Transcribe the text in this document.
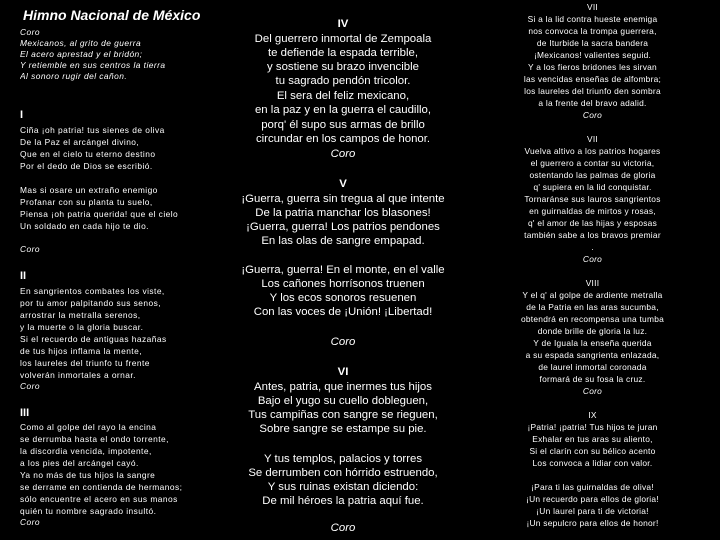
Himno Nacional de México
Coro
Mexicanos, al grito de guerra
El acero aprestad y el bridón;
Y retiemble en sus centros la tierra
Al sonoro rugir del cañon.
I
Ciña ¡oh patria! tus sienes de oliva
De la Paz el arcángel divino,
Que en el cielo tu eterno destino
Por el dedo de Dios se escribió.
Mas si osare un extraño enemigo
Profanar con su planta tu suelo,
Piensa ¡oh patria querida! que el cielo
Un soldado en cada hijo te dio.
Coro
II
En sangrientos combates los viste,
por tu amor palpitando sus senos,
arrostrar la metralla serenos,
y la muerte o la gloria buscar.
Si el recuerdo de antiguas hazañas
de tus hijos inflama la mente,
los laureles del triunfo tu frente
volverán inmortales a ornar.
Coro
III
Como al golpe del rayo la encina
se derrumba hasta el ondo torrente,
la discordia vencida, impotente,
a los pies del arcángel cayó.
Ya no más de tus hijos la sangre
se derrame en contienda de hermanos;
sólo encuentre el acero en sus manos
quién tu nombre sagrado insultó.
Coro
IV
Del guerrero inmortal de Zempoala
te defiende la espada terrible,
y sostiene su brazo invencible
tu sagrado pendón tricolor.
El sera del feliz mexicano,
en la paz y en la guerra el caudillo,
porq' él supo sus armas de brillo
circundar en los campos de honor.
Coro
V
¡Guerra, guerra sin tregua al que intente
De la patria manchar los blasones!
¡Guerra, guerra! Los patrios pendones
En las olas de sangre empapad.
¡Guerra, guerra! En el monte, en el valle
Los cañones horrísonos truenen
Y los ecos sonoros resuenen
Con las voces de ¡Unión! ¡Libertad!
Coro
VI
Antes, patria, que inermes tus hijos
Bajo el yugo su cuello dobleguen,
Tus campiñas con sangre se rieguen,
Sobre sangre se estampe su pie.
Y tus templos, palacios y torres
Se derrumben con hórrido estruendo,
Y sus ruinas existan diciendo:
De mil héroes la patria aquí fue.
Coro
VII
Si a la lid contra hueste enemiga
nos convoca la trompa guerrera,
de Iturbide la sacra bandera
¡Mexicanos! valientes seguid.
Y a los fieros bridones les sirvan
las vencidas enseñas de alfombra;
los laureles del triunfo den sombra
a la frente del bravo adalid.
Coro
VII
Vuelva altivo a los patrios hogares
el guerrero a contar su victoria,
ostentando las palmas de gloria
q' supiera en la lid conquistar.
Tornaránse sus lauros sangrientos
en guirnaldas de mirtos y rosas,
q' el amor de las hijas y esposas
también sabe a los bravos premiar
.
Coro
VIII
Y el q' al golpe de ardiente metralla
de la Patria en las aras sucumba,
obtendrá en recompensa una tumba
donde brille de gloria la luz.
Y de Iguala la enseña querida
a su espada sangrienta enlazada,
de laurel inmortal coronada
formará de su fosa la cruz.
Coro
IX
¡Patria! ¡patria! Tus hijos te juran
Exhalar en tus aras su aliento,
Si el clarín con su bélico acento
Los convoca a lidiar con valor.
¡Para ti las guirnaldas de oliva!
¡Un recuerdo para ellos de gloria!
¡Un laurel para ti de victoria!
¡Un sepulcro para ellos de honor!
